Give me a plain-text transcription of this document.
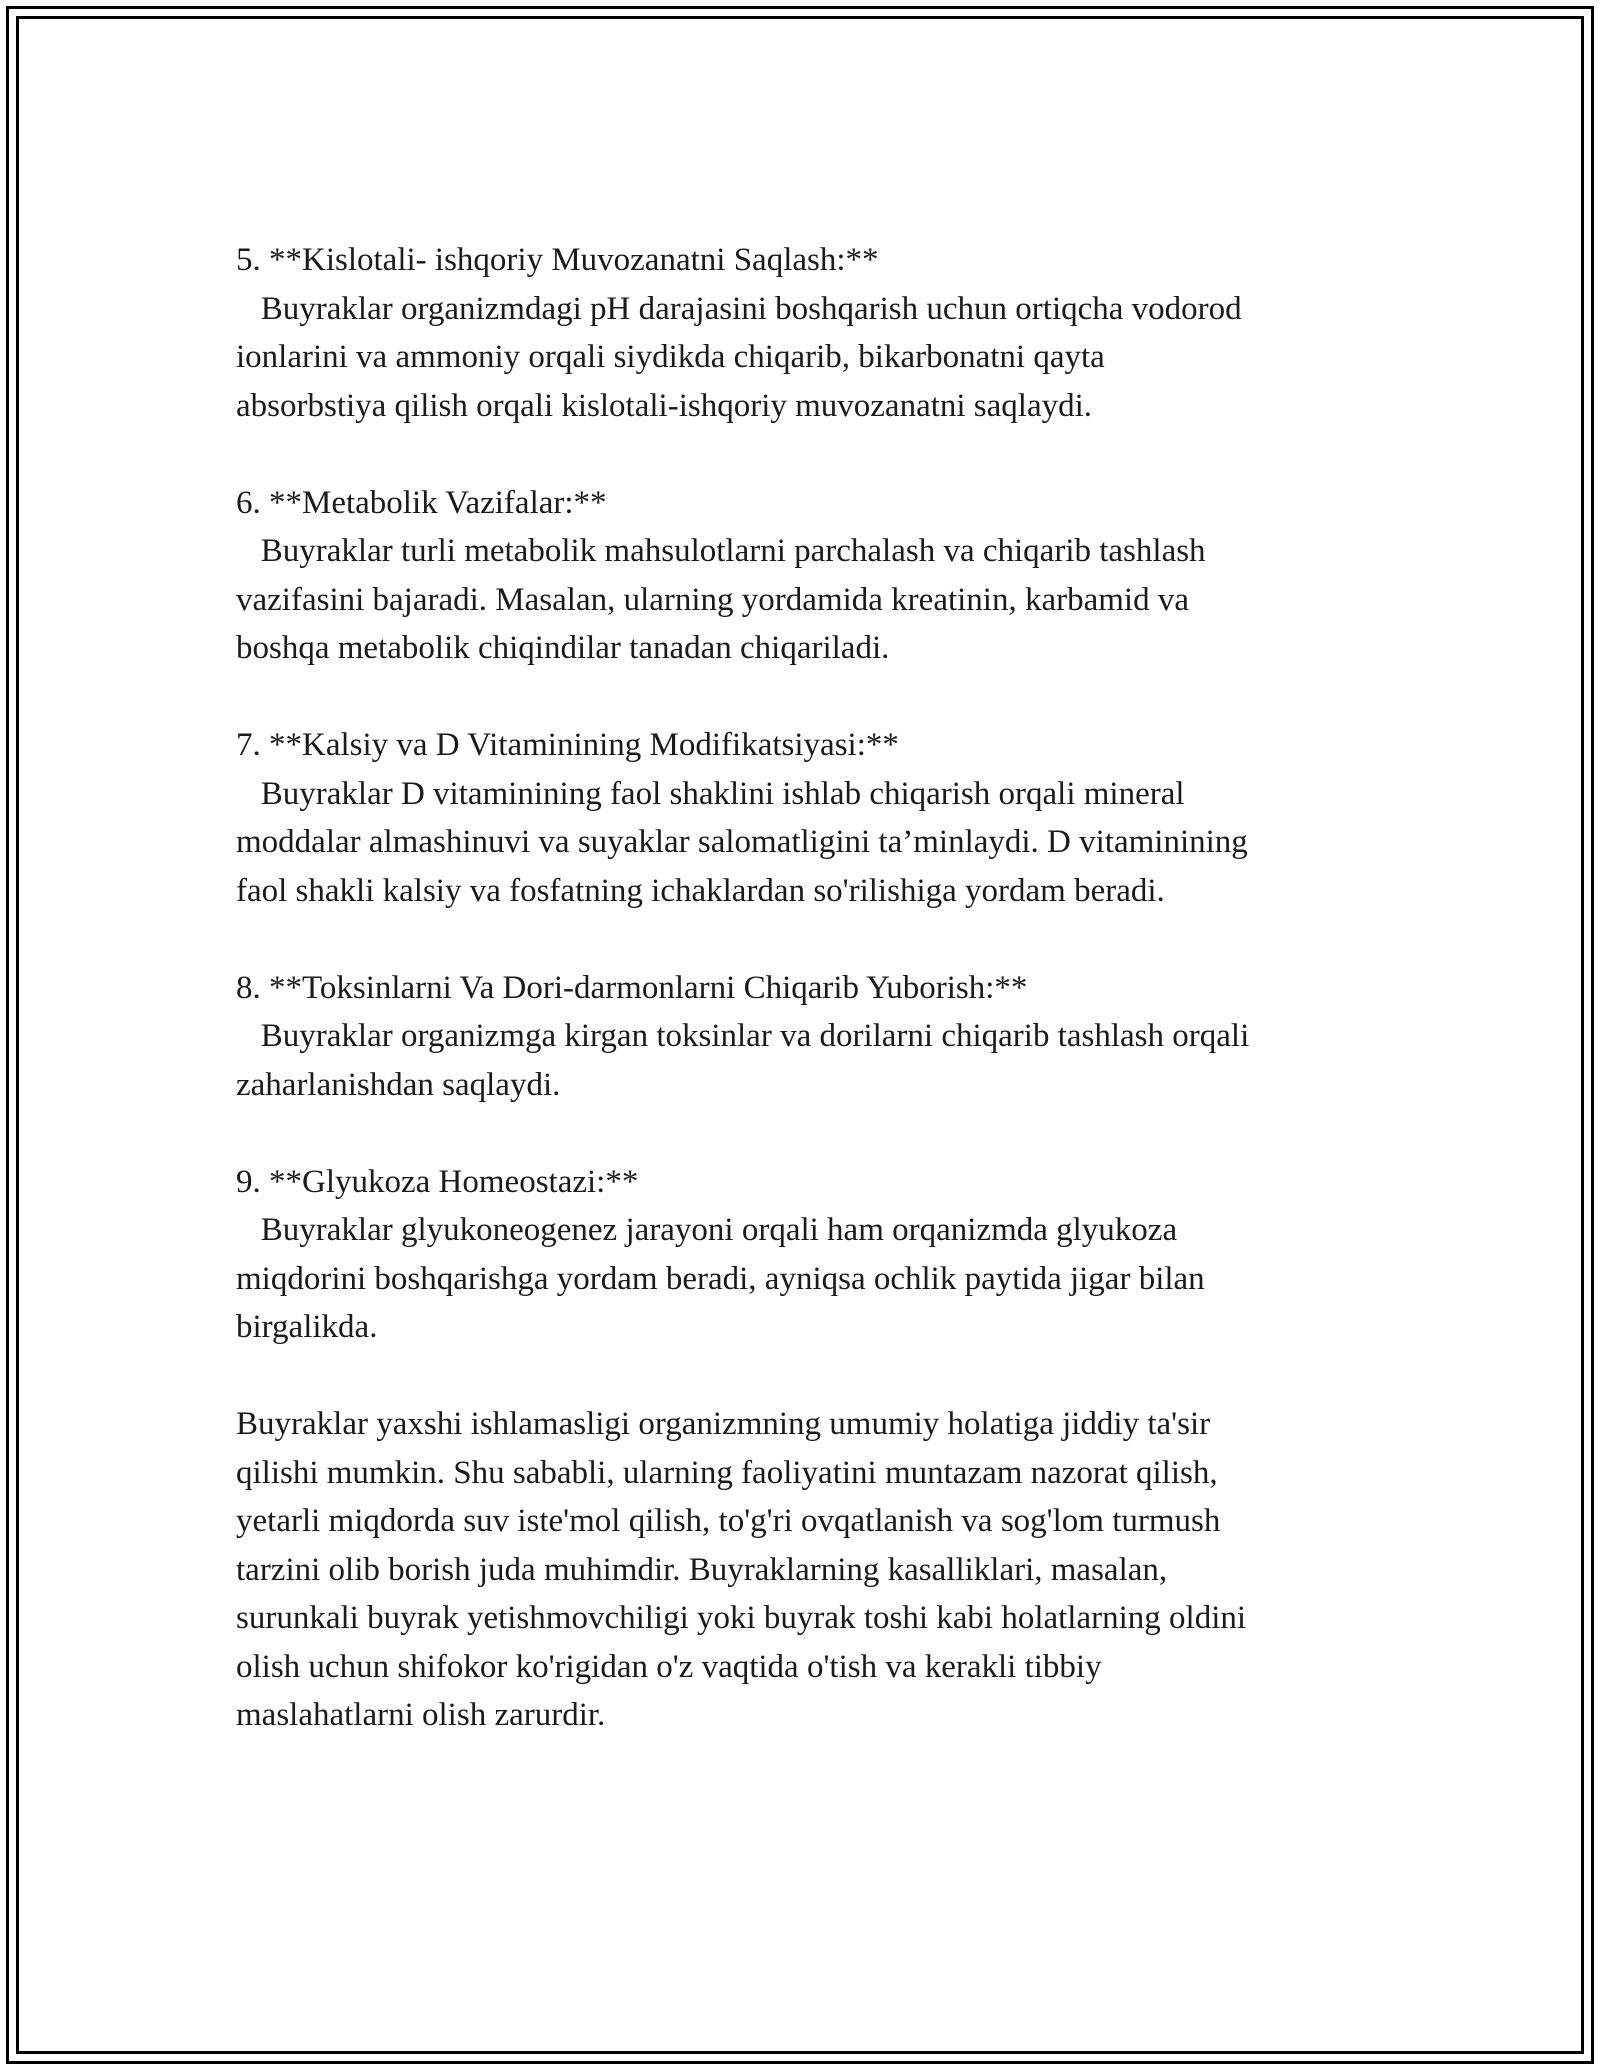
5. **Kislotali- ishqoriy Muvozanatni Saqlash:**

Buyraklar organizmdagi pH darajasini boshqarish uchun ortiqcha vodorod
ionlarini va ammoniy orqali siydikda chiqarib, bikarbonatni qayta
absorbstiya qilish orqali kislotali-ishqoriy muvozanatni saqlaydi.

6. **Metabolik Vazifalar:**

Buyraklar turli metabolik mahsulotlarni parchalash va chiqarib tashlash
vazifasini bajaradi. Masalan, ularning yordamida kreatinin, karbamid va
boshqa metabolik chiqindilar tanadan chiqariladi.

7. **Kalsiy va D Vitaminining Modifikatsiyasi:**

Buyraklar D vitaminining faol shaklini ishlab chiqarish orqali mineral
moddalar almashinuvi va suyaklar salomatligini ta’minlaydi. D vitaminining
faol shakli kalsiy va fosfatning ichaklardan so'rilishiga yordam beradi.

8. **Toksinlarni Va Dori-darmonlarni Chiqarib Yuborish:**

Buyraklar organizmga kirgan toksinlar va dorilarni chiqarib tashlash orqali
zaharlanishdan saqlaydi.

9. **Glyukoza Homeostazi:**

Buyraklar glyukoneogenez jarayoni orqali ham orqanizmda glyukoza
miqdorini boshqarishga yordam beradi, ayniqsa ochlik paytida jigar bilan
birgalikda.

Buyraklar yaxshi ishlamasligi organizmning umumiy holatiga jiddiy ta'sir
qilishi mumkin. Shu sababli, ularning faoliyatini muntazam nazorat qilish,
yetarli miqdorda suv iste'mol qilish, to'g'ri ovqatlanish va sog'lom turmush
tarzini olib borish juda muhimdir. Buyraklarning kasalliklari, masalan,
surunkali buyrak yetishmovchiligi yoki buyrak toshi kabi holatlarning oldini
olish uchun shifokor ko'rigidan o'z vaqtida o'tish va kerakli tibbiy
maslahatlarni olish zarurdir.
